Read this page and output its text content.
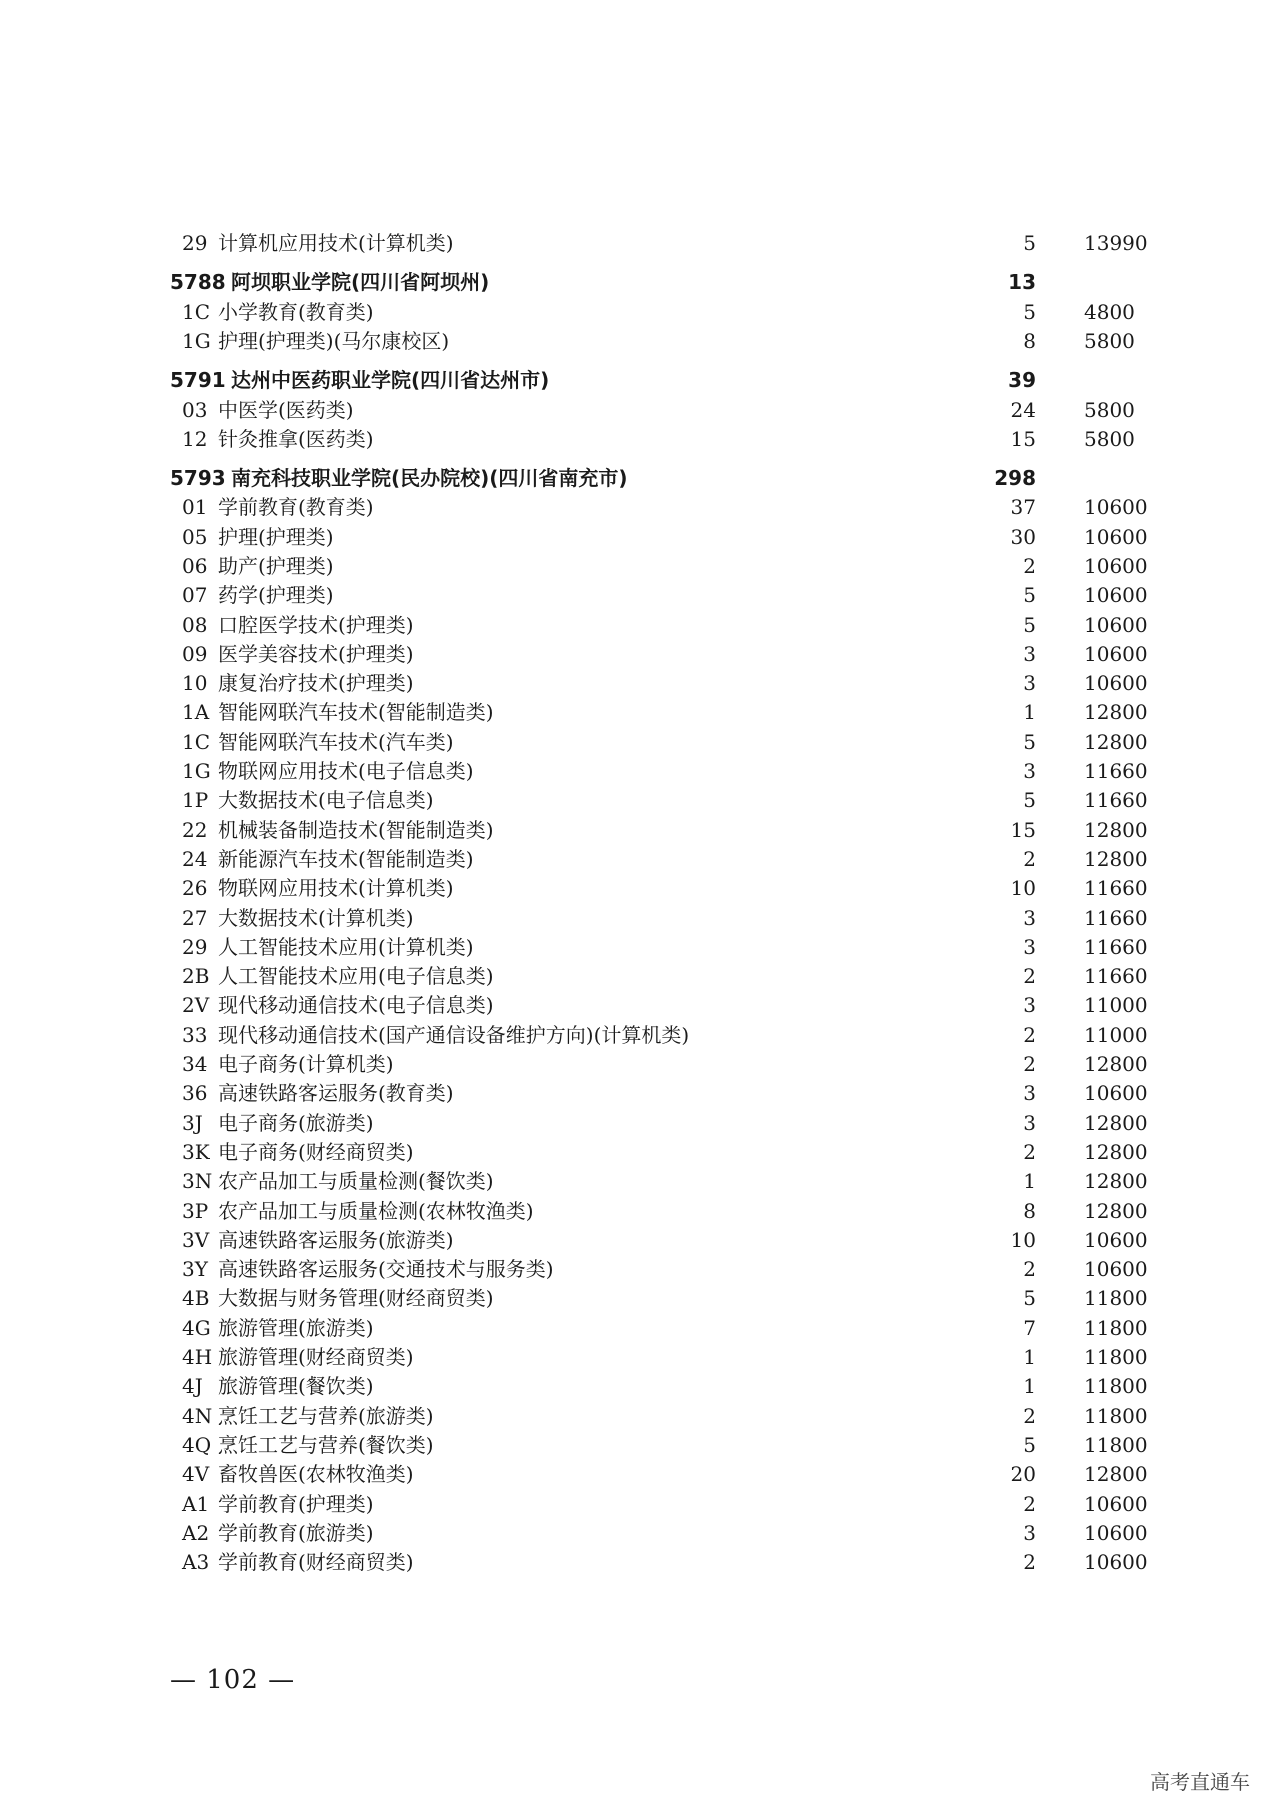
29 计算机应用技术(计算机类)	5 13990
5788 阿坝职业学院(四川省阿坝州)	13
1C 小学教育(教育类)	5 4800
1G 护理(护理类)(马尔康校区)	8 5800
5791 达州中医药职业学院(四川省达州市)	39
03 中医学(医药类)	24 5800
12 针灸推拿(医药类)	15 5800
5793 南充科技职业学院(民办院校)(四川省南充市)	298
01 学前教育(教育类)	37 10600
05 护理(护理类)	30 10600
06 助产(护理类)	2 10600
07 药学(护理类)	5 10600
08 口腔医学技术(护理类)	5 10600
09 医学美容技术(护理类)	3 10600
10 康复治疗技术(护理类)	3 10600
1A 智能网联汽车技术(智能制造类)	1 12800
1C 智能网联汽车技术(汽车类)	5 12800
1G 物联网应用技术(电子信息类)	3 11660
1P 大数据技术(电子信息类)	5 11660
22 机械装备制造技术(智能制造类)	15 12800
24 新能源汽车技术(智能制造类)	2 12800
26 物联网应用技术(计算机类)	10 11660
27 大数据技术(计算机类)	3 11660
29 人工智能技术应用(计算机类)	3 11660
2B 人工智能技术应用(电子信息类)	2 11660
2V 现代移动通信技术(电子信息类)	3 11000
33 现代移动通信技术(国产通信设备维护方向)(计算机类)	2 11000
34 电子商务(计算机类)	2 12800
36 高速铁路客运服务(教育类)	3 10600
3J 电子商务(旅游类)	3 12800
3K 电子商务(财经商贸类)	2 12800
3N 农产品加工与质量检测(餐饮类)	1 12800
3P 农产品加工与质量检测(农林牧渔类)	8 12800
3V 高速铁路客运服务(旅游类)	10 10600
3Y 高速铁路客运服务(交通技术与服务类)	2 10600
4B 大数据与财务管理(财经商贸类)	5 11800
4G 旅游管理(旅游类)	7 11800
4H 旅游管理(财经商贸类)	1 11800
4J 旅游管理(餐饮类)	1 11800
4N 烹饪工艺与营养(旅游类)	2 11800
4Q 烹饪工艺与营养(餐饮类)	5 11800
4V 畜牧兽医(农林牧渔类)	20 12800
A1 学前教育(护理类)	2 10600
A2 学前教育(旅游类)	3 10600
A3 学前教育(财经商贸类)	2 10600
— 102 —
高考直通车
